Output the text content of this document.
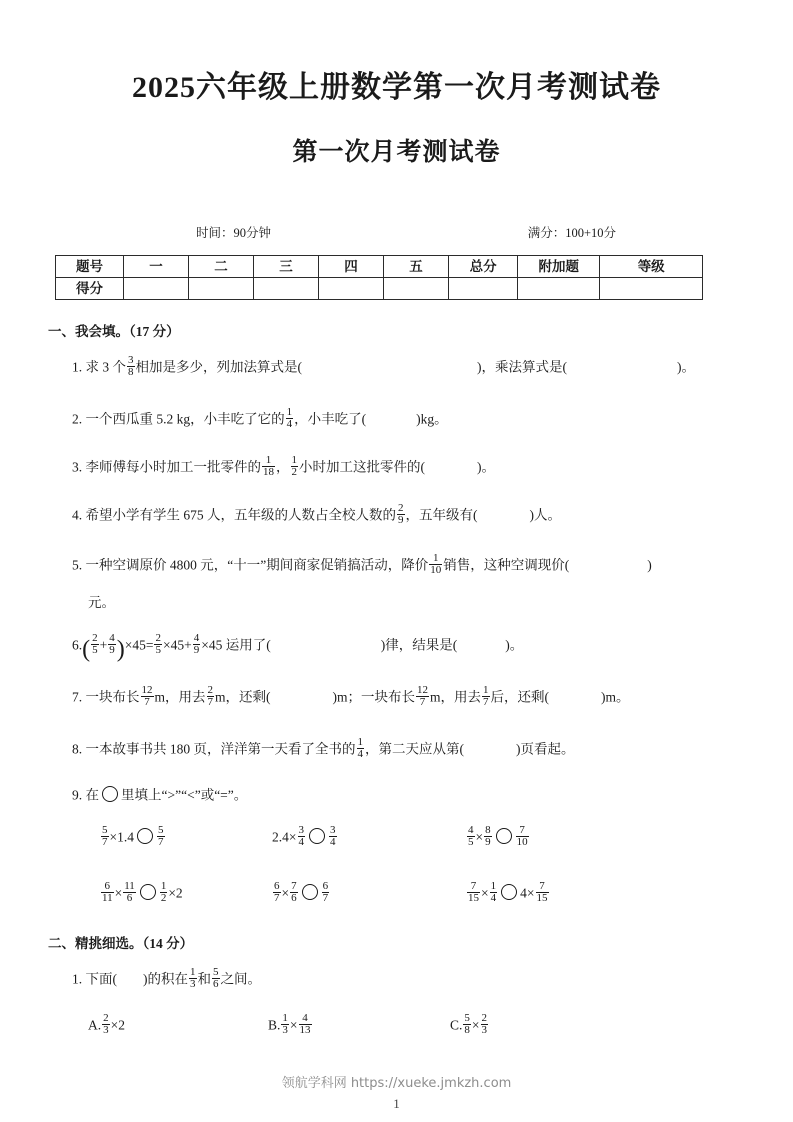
2025六年级上册数学第一次月考测试卷
第一次月考测试卷
时间：90分钟	满分：100+10分
题号	一	二	三	四	五	总分	附加题	等级
得分								
一、我会填。（17 分）
1. 求 3 个 $\frac{3}{8}$ 相加是多少，列加法算式是(	)，乘法算式是(	)。
2. 一个西瓜重 5.2 kg，小丰吃了它的 $\frac{1}{4}$ ，小丰吃了(	)kg。
3. 李师傅每小时加工一批零件的 $\frac{1}{18}$ ， $\frac{1}{2}$ 小时加工这批零件的(	)。
4. 希望小学有学生 675 人，五年级的人数占全校人数的 $\frac{2}{9}$ ，五年级有(	)人。
5. 一种空调原价 4800 元，“十一”期间商家促销搞活动，降价 $\frac{1}{10}$ 销售，这种空调现价(	)
元。
$6.( \frac{2}{5} + \frac{4}{9} )\times 45= \frac{2}{5} \times 45+ \frac{4}{9} \times 45$ 运用了(	)律，结果是(	)。
7. 一块布长 $\frac{12}{7}$ m，用去 $\frac{2}{7}$ m，还剩(	)m；一块布长 $\frac{12}{7}$ m，用去 $\frac{1}{7}$ 后，还剩(	)m。
8. 一本故事书共 180 页，洋洋第一天看了全书的 $\frac{1}{4}$ ，第二天应从第(	)页看起。
9. 在 里填上“>”“<”或“=”。
$\frac{5}{7} \times 1.4 \frac{5}{7}$	$2.4\times \frac{3}{4} \frac{3}{4}$	$\frac{4}{5} \times \frac{8}{9} \frac{7}{10}$
$\frac{6}{11} \times \frac{11}{6} \frac{1}{2} \times 2$	$\frac{6}{7} \times \frac{7}{6} \frac{6}{7}$	$\frac{7}{15} \times \frac{1}{4} 4\times \frac{7}{15}$
二、精挑细选。（14 分）
1. 下面( )的积在 $\frac{1}{3}$ 和 $\frac{5}{6}$ 之间。
A. $\frac{2}{3} \times 2$	B. $\frac{1}{3} \times \frac{4}{13}$	C. $\frac{5}{8} \times \frac{2}{3}$
领航学科网 https://xueke.jmkzh.com
1
